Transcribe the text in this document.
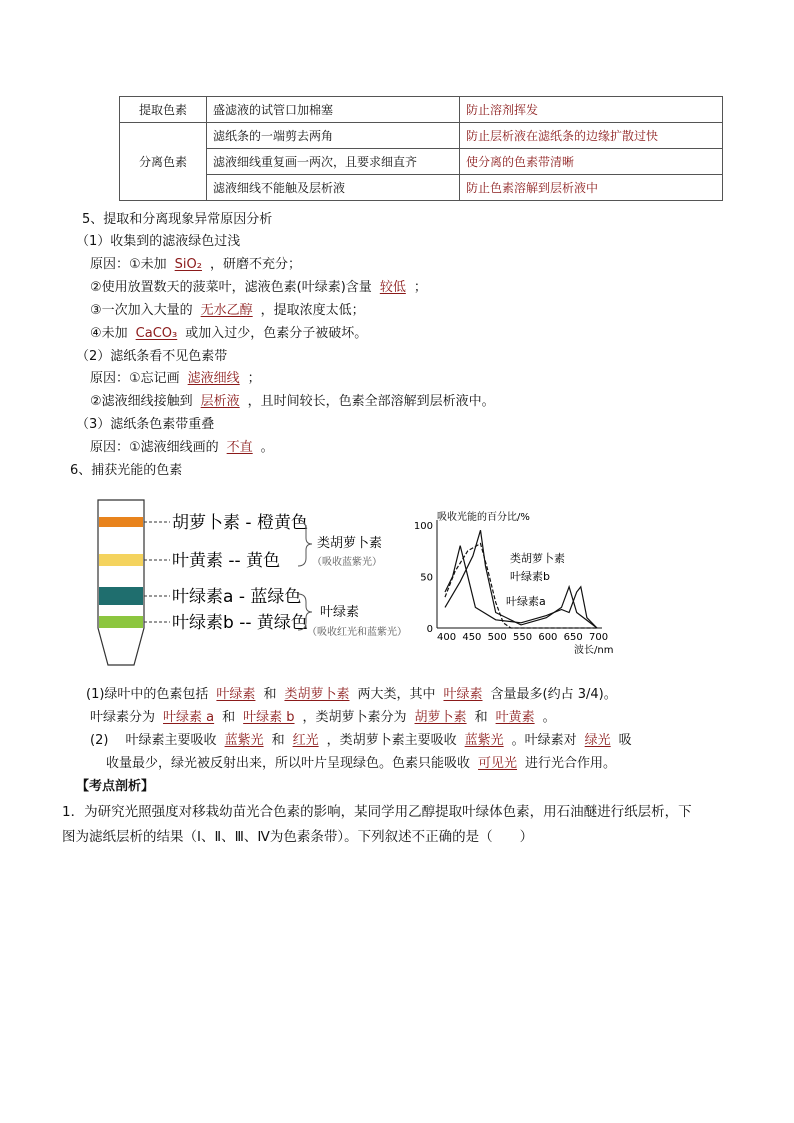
提取色素	盛滤液的试管口加棉塞	防止溶剂挥发
分离色素	滤纸条的一端剪去两角	防止层析液在滤纸条的边缘扩散过快
	滤液细线重复画一两次，且要求细直齐	使分离的色素带清晰
	滤液细线不能触及层析液	防止色素溶解到层析液中
5、提取和分离现象异常原因分析
（1）收集到的滤液绿色过浅
原因：①未加 SiO₂ ，研磨不充分；
②使用放置数天的菠菜叶，滤液色素(叶绿素)含量 较低 ；
③一次加入大量的 无水乙醇 ，提取浓度太低；
④未加 CaCO₃ 或加入过少，色素分子被破坏。
（2）滤纸条看不见色素带
原因：①忘记画 滤液细线 ；
②滤液细线接触到 层析液 ，且时间较长，色素全部溶解到层析液中。
（3）滤纸条色素带重叠
原因：①滤液细线画的 不直 。
6、捕获光能的色素
胡萝卜素 - 橙黄色
叶黄素 -- 黄色
叶绿素a - 蓝绿色
叶绿素b -- 黄绿色
类胡萝卜素
（吸收蓝紫光）
叶绿素
（吸收红光和蓝紫光）
吸收光能的百分比/%
波长/nm
400 450 500 550 600 650 700
0
50
100
类胡萝卜素
叶绿素b
叶绿素a
(1)绿叶中的色素包括 叶绿素 和 类胡萝卜素 两大类，其中 叶绿素 含量最多(约占 3/4)。
叶绿素分为 叶绿素 a 和 叶绿素 b ，类胡萝卜素分为 胡萝卜素 和 叶黄素 。
(2)　 叶绿素主要吸收 蓝紫光 和 红光 ，类胡萝卜素主要吸收 蓝紫光 。叶绿素对 绿光 吸
收量最少，绿光被反射出来，所以叶片呈现绿色。色素只能吸收 可见光 进行光合作用。
【考点剖析】
1．为研究光照强度对移栽幼苗光合色素的影响，某同学用乙醇提取叶绿体色素，用石油醚进行纸层析，下
图为滤纸层析的结果（Ⅰ、Ⅱ、Ⅲ、Ⅳ为色素条带）。下列叙述不正确的是（　　）
